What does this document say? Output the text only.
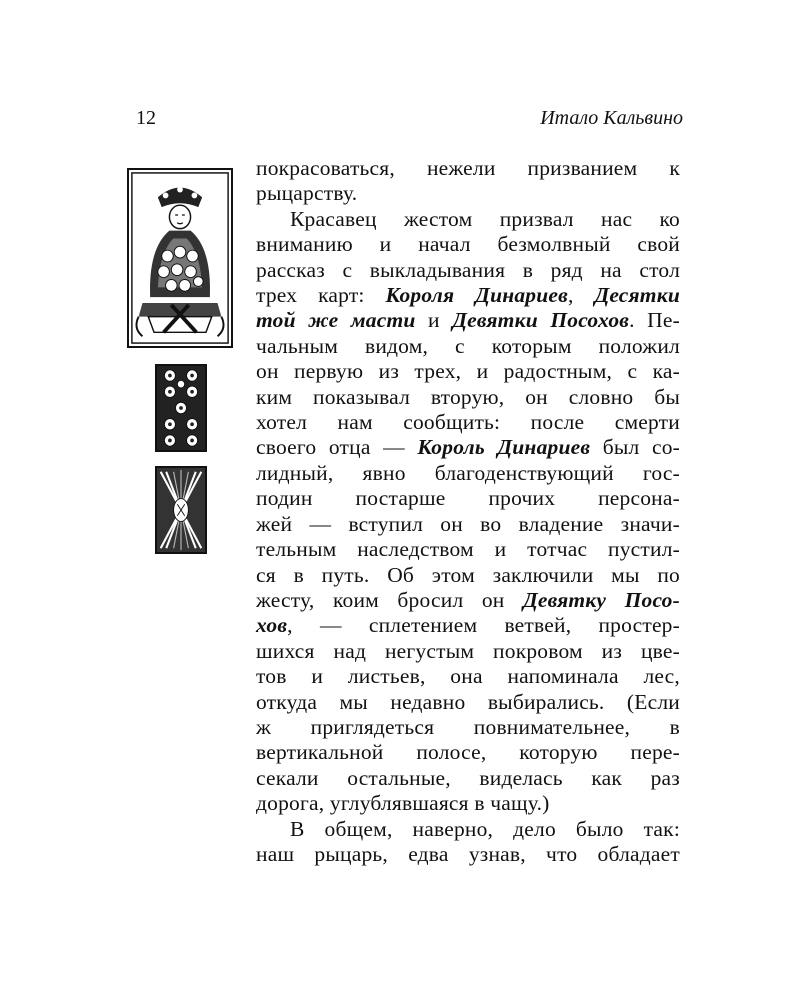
12	Итало Кальвино
покрасоваться, нежели призванием к
рыцарству.
Красавец жестом призвал нас ко
вниманию и начал безмолвный свой
рассказ с выкладывания в ряд на стол
трех карт: Короля Динариев, Десятки
той же масти и Девятки Посохов. Пе-
чальным видом, с которым положил
он первую из трех, и радостным, с ка-
ким показывал вторую, он словно бы
хотел нам сообщить: после смерти
своего отца — Король Динариев был со-
лидный, явно благоденствующий гос-
подин постарше прочих персона-
жей — вступил он во владение значи-
тельным наследством и тотчас пустил-
ся в путь. Об этом заключили мы по
жесту, коим бросил он Девятку Посо-
хов, — сплетением ветвей, простер-
шихся над негустым покровом из цве-
тов и листьев, она напоминала лес,
откуда мы недавно выбирались. (Если
ж приглядеться повнимательнее, в
вертикальной полосе, которую пере-
секали остальные, виделась как раз
дорога, углублявшаяся в чащу.)
В общем, наверно, дело было так:
наш рыцарь, едва узнав, что обладает
